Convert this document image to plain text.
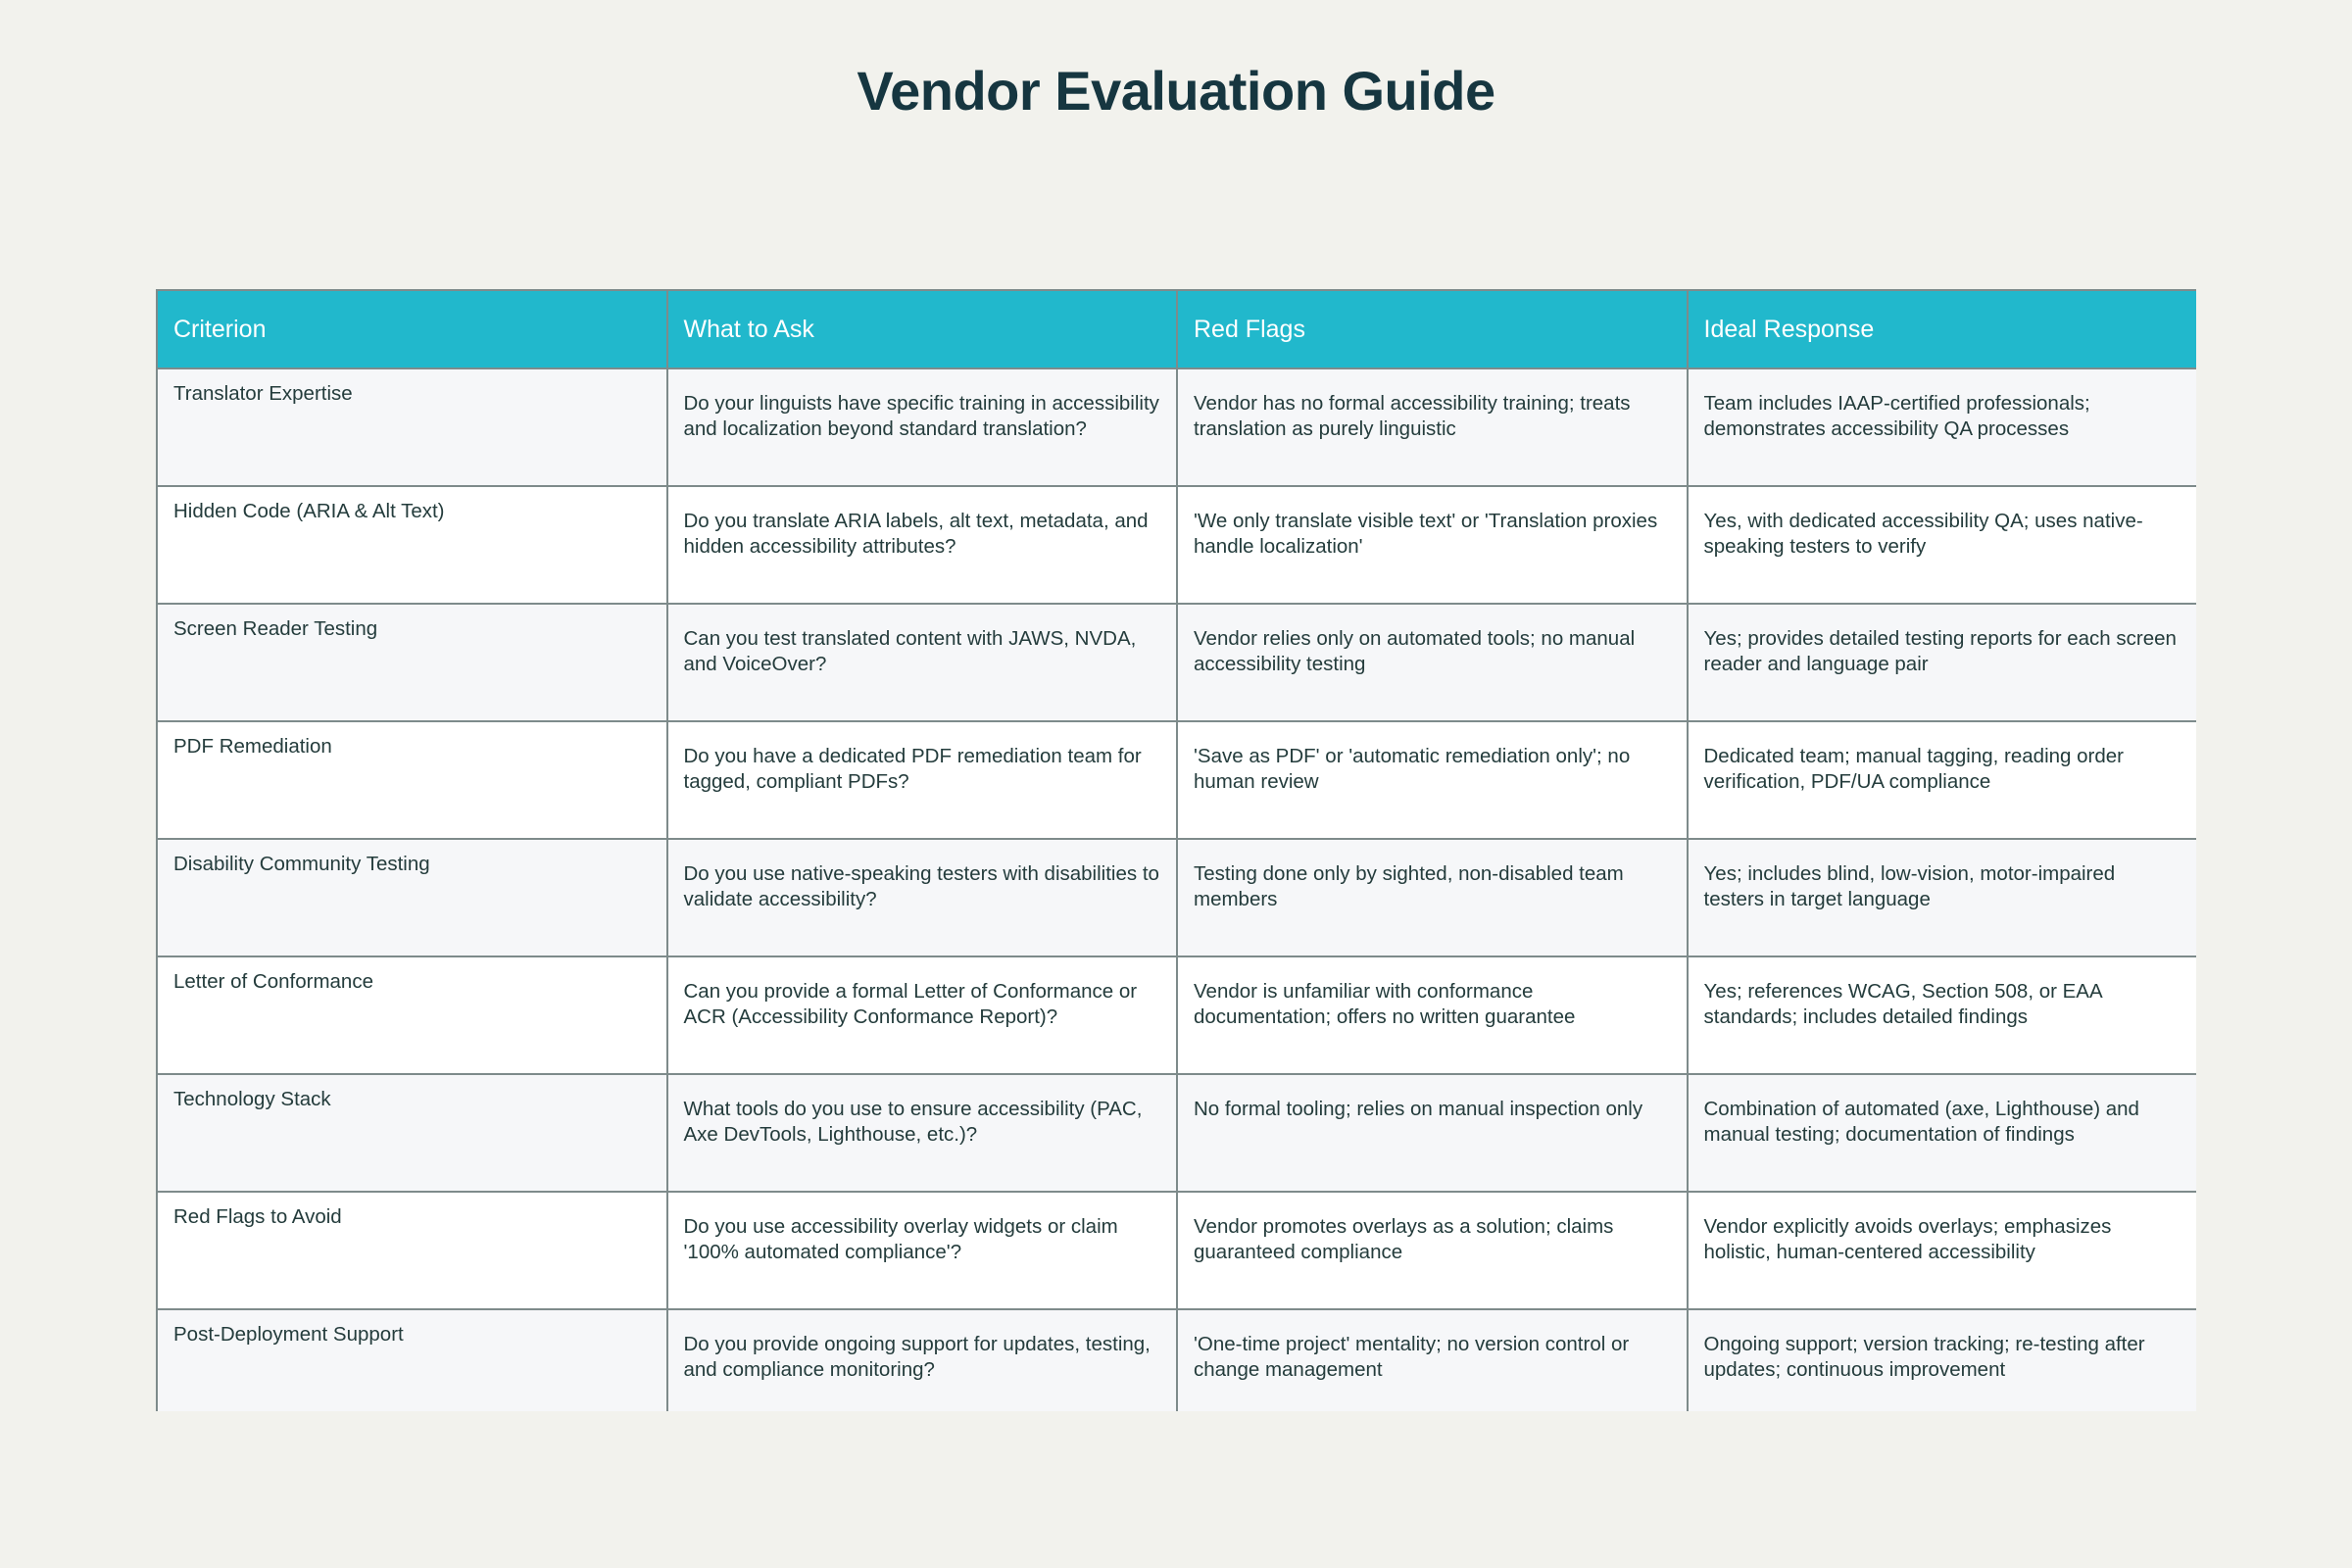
Vendor Evaluation Guide
Criterion	What to Ask	Red Flags	Ideal Response
Translator Expertise	Do your linguists have specific training in accessibility and localization beyond standard translation?	Vendor has no formal accessibility training; treats translation as purely linguistic	Team includes IAAP-certified professionals; demonstrates accessibility QA processes
Hidden Code (ARIA & Alt Text)	Do you translate ARIA labels, alt text, metadata, and hidden accessibility attributes?	'We only translate visible text' or 'Translation proxies handle localization'	Yes, with dedicated accessibility QA; uses native-speaking testers to verify
Screen Reader Testing	Can you test translated content with JAWS, NVDA, and VoiceOver?	Vendor relies only on automated tools; no manual accessibility testing	Yes; provides detailed testing reports for each screen reader and language pair
PDF Remediation	Do you have a dedicated PDF remediation team for tagged, compliant PDFs?	'Save as PDF' or 'automatic remediation only'; no human review	Dedicated team; manual tagging, reading order verification, PDF/UA compliance
Disability Community Testing	Do you use native-speaking testers with disabilities to validate accessibility?	Testing done only by sighted, non-disabled team members	Yes; includes blind, low-vision, motor-impaired testers in target language
Letter of Conformance	Can you provide a formal Letter of Conformance or ACR (Accessibility Conformance Report)?	Vendor is unfamiliar with conformance documentation; offers no written guarantee	Yes; references WCAG, Section 508, or EAA standards; includes detailed findings
Technology Stack	What tools do you use to ensure accessibility (PAC, Axe DevTools, Lighthouse, etc.)?	No formal tooling; relies on manual inspection only	Combination of automated (axe, Lighthouse) and manual testing; documentation of findings
Red Flags to Avoid	Do you use accessibility overlay widgets or claim '100% automated compliance'?	Vendor promotes overlays as a solution; claims guaranteed compliance	Vendor explicitly avoids overlays; emphasizes holistic, human-centered accessibility
Post-Deployment Support	Do you provide ongoing support for updates, testing, and compliance monitoring?	'One-time project' mentality; no version control or change management	Ongoing support; version tracking; re-testing after updates; continuous improvement
